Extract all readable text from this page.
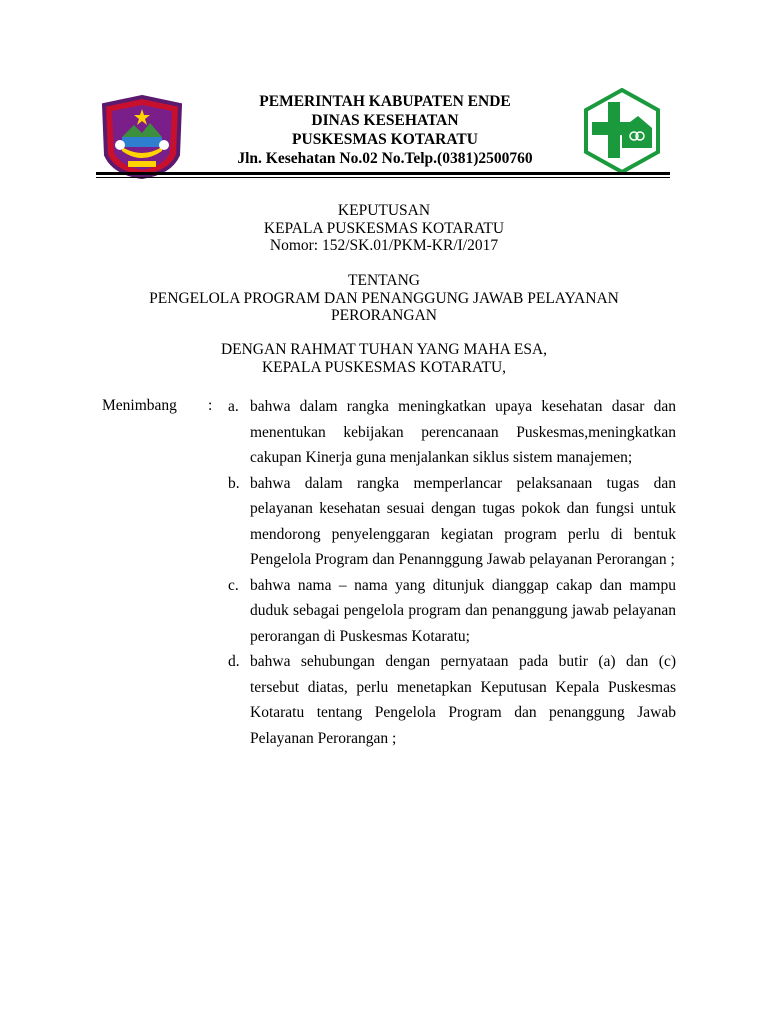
PEMERINTAH KABUPATEN ENDE
DINAS KESEHATAN
PUSKESMAS KOTARATU
Jln. Kesehatan No.02 No.Telp.(0381)2500760
KEPUTUSAN
KEPALA PUSKESMAS KOTARATU
Nomor: 152/SK.01/PKM-KR/I/2017
TENTANG
PENGELOLA PROGRAM DAN PENANGGUNG JAWAB PELAYANAN
PERORANGAN
DENGAN RAHMAT TUHAN YANG MAHA ESA,
KEPALA PUSKESMAS KOTARATU,
Menimbang : a. bahwa dalam rangka meningkatkan upaya kesehatan dasar dan menentukan kebijakan perencanaan Puskesmas,meningkatkan cakupan Kinerja guna menjalankan siklus sistem manajemen;
b. bahwa dalam rangka memperlancar pelaksanaan tugas dan pelayanan kesehatan sesuai dengan tugas pokok dan fungsi untuk mendorong penyelenggaran kegiatan program perlu di bentuk Pengelola Program dan Penannggung Jawab pelayanan Perorangan ;
c. bahwa nama – nama yang ditunjuk dianggap cakap dan mampu duduk sebagai pengelola program dan penanggung jawab pelayanan perorangan di Puskesmas Kotaratu;
d. bahwa sehubungan dengan pernyataan pada butir (a) dan (c) tersebut diatas, perlu menetapkan Keputusan Kepala Puskesmas Kotaratu tentang Pengelola Program dan penanggung Jawab Pelayanan Perorangan ;
